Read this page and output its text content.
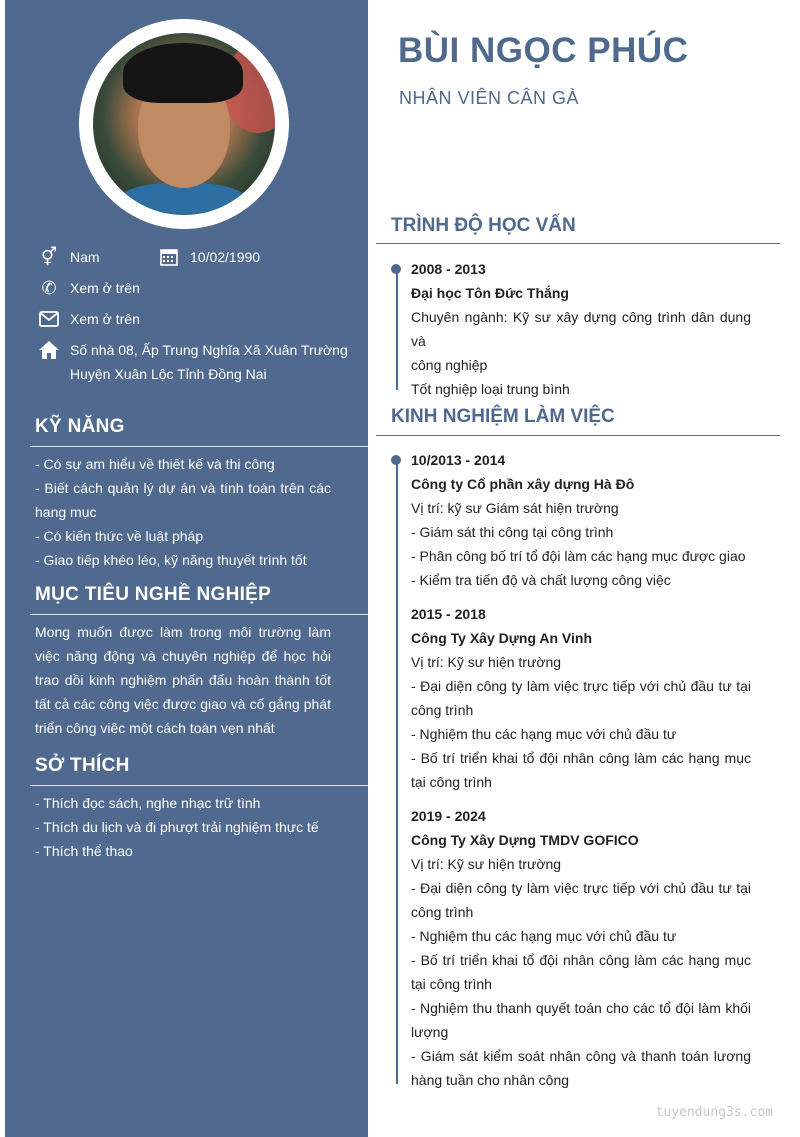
⚥ Nam	10/02/1990
✆ Xem ở trên
Xem ở trên
Số nhà 08, Ấp Trung Nghĩa Xã Xuân Trường
Huyện Xuân Lộc Tỉnh Đồng Nai
KỸ NĂNG
- Có sự am hiểu về thiết kế và thi công
- Biết cách quản lý dự án và tính toán trên các
hạng mục
- Có kiến thức về luật pháp
- Giao tiếp khéo léo, kỹ năng thuyết trình tốt
MỤC TIÊU NGHỀ NGHIỆP
Mong muốn được làm trong môi trường làm
việc năng động và chuyên nghiệp để học hỏi
trao dồi kinh nghiệm phấn đấu hoàn thành tốt
tất cả các công việc được giao và cố gắng phát
triển công việc một cách toàn vẹn nhất
SỞ THÍCH
- Thích đọc sách, nghe nhạc trữ tình
- Thích du lịch và đi phượt trải nghiệm thực tế
- Thích thể thao
BÙI NGỌC PHÚC
NHÂN VIÊN CÂN GÀ
TRÌNH ĐỘ HỌC VẤN
2008 - 2013
Đại học Tôn Đức Thắng
Chuyên ngành: Kỹ sư xây dựng công trình dân dụng và
công nghiệp
Tốt nghiệp loại trung bình
KINH NGHIỆM LÀM VIỆC
10/2013 - 2014
Công ty Cổ phần xây dựng Hà Đô
Vị trí: kỹ sư Giám sát hiện trường
- Giám sát thi công tại công trình
- Phân công bố trí tổ đội làm các hạng mục được giao
- Kiểm tra tiến độ và chất lượng công việc
2015 - 2018
Công Ty Xây Dựng An Vinh
Vị trí: Kỹ sư hiện trường
- Đại diện công ty làm việc trực tiếp với chủ đầu tư tại
công trình
- Nghiệm thu các hạng mục với chủ đầu tư
- Bố trí triển khai tổ đội nhân công làm các hạng mục
tại công trình
2019 - 2024
Công Ty Xây Dựng TMDV GOFICO
Vị trí: Kỹ sư hiện trường
- Đại diện công ty làm việc trực tiếp với chủ đầu tư tại
công trình
- Nghiệm thu các hạng mục với chủ đầu tư
- Bố trí triển khai tổ đội nhân công làm các hạng mục
tại công trình
- Nghiệm thu thanh quyết toán cho các tổ đội làm khối
lượng
- Giám sát kiểm soát nhân công và thanh toán lương
hàng tuần cho nhân công
tuyendung3s.com
